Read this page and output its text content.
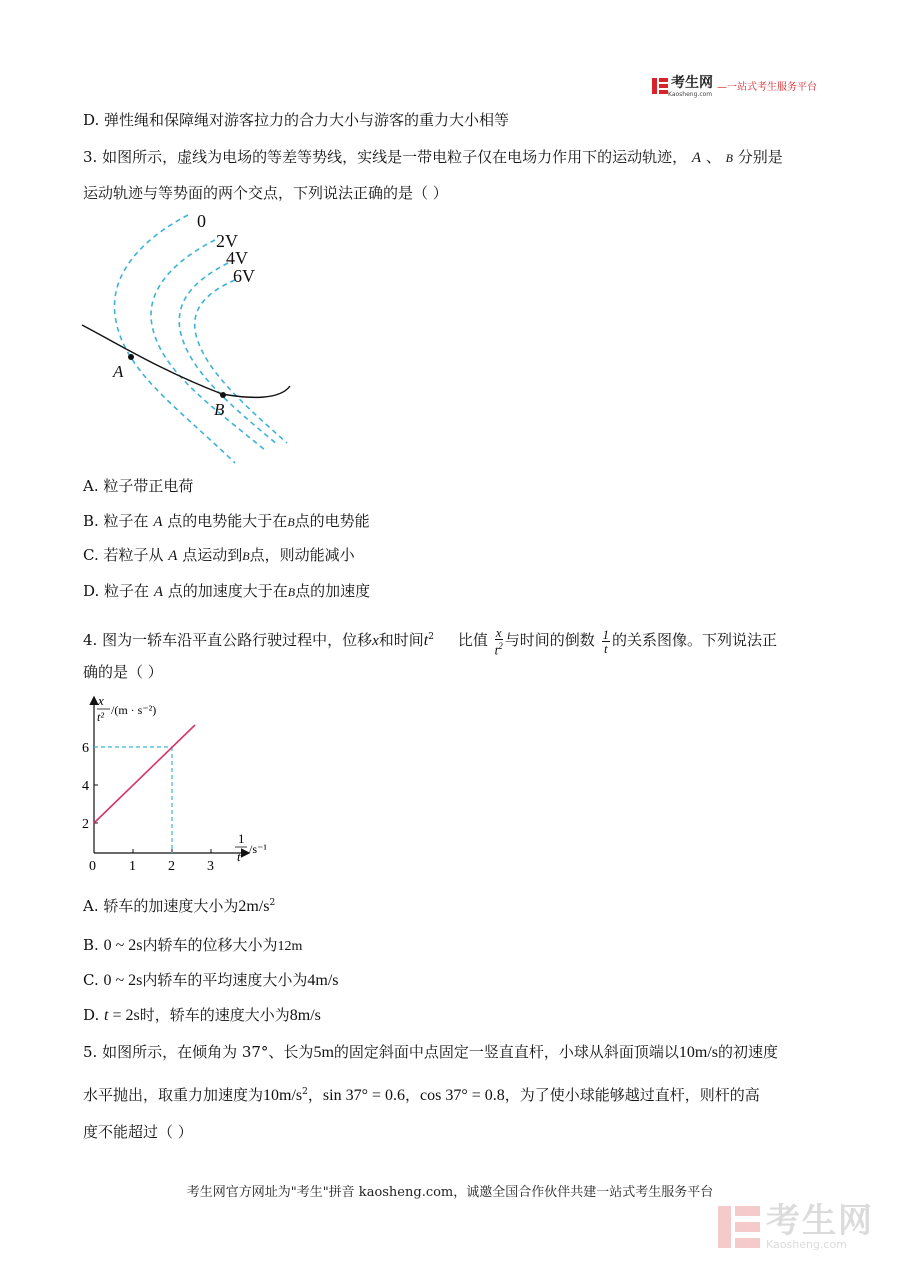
考生网
Kaosheng.com
—一站式考生服务平台
D. 弹性绳和保障绳对游客拉力的合力大小与游客的重力大小相等
3. 如图所示，虚线为电场的等差等势线，实线是一带电粒子仅在电场力作用下的运动轨迹， A 、 B 分别是
运动轨迹与等势面的两个交点，下列说法正确的是（ ）
0
2V
4V
6V
A
B
A. 粒子带正电荷
B. 粒子在 A 点的电势能大于在B点的电势能
C. 若粒子从 A 点运动到B点，则动能减小
D. 粒子在 A 点的加速度大于在B点的加速度
4. 图为一轿车沿平直公路行驶过程中，位移x和时间$t^2$ 比值 $\frac{x}{t^2}$ 与时间的倒数 $\frac{1}{t}$ 的关系图像。下列说法正
确的是（ ）
0 1 2 3
2
4
6
x
t² /(m · s⁻²)
1
t /s⁻¹
A. 轿车的加速度大小为$2m/s^2$
B. 0 ~ 2s内轿车的位移大小为12m
C. 0 ~ 2s内轿车的平均速度大小为4m/s
D. t = 2s时，轿车的速度大小为8m/s
5. 如图所示，在倾角为 37°、长为5m的固定斜面中点固定一竖直直杆，小球从斜面顶端以10m/s的初速度
水平抛出，取重力加速度为$10m/s^2$，sin 37° = 0.6，cos 37° = 0.8，为了使小球能够越过直杆，则杆的高
度不能超过（ ）
考生网官方网址为"考生"拼音 kaosheng.com，诚邀全国合作伙伴共建一站式考生服务平台
考生网
Kaosheng.com
